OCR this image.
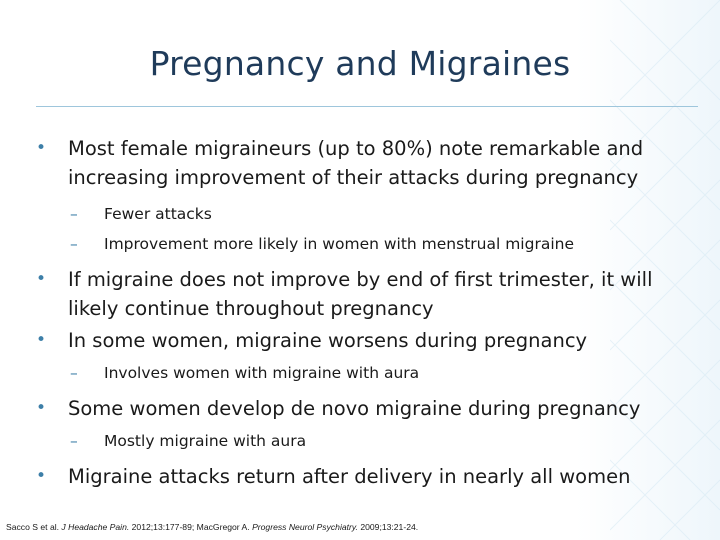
Pregnancy and Migraines
• Most female migraineurs (up to 80%) note remarkable and increasing improvement of their attacks during pregnancy
– Fewer attacks
– Improvement more likely in women with menstrual migraine
• If migraine does not improve by end of first trimester, it will likely continue throughout pregnancy
• In some women, migraine worsens during pregnancy
– Involves women with migraine with aura
• Some women develop de novo migraine during pregnancy
– Mostly migraine with aura
• Migraine attacks return after delivery in nearly all women
Sacco S et al. J Headache Pain. 2012;13:177-89; MacGregor A. Progress Neurol Psychiatry. 2009;13:21-24.
